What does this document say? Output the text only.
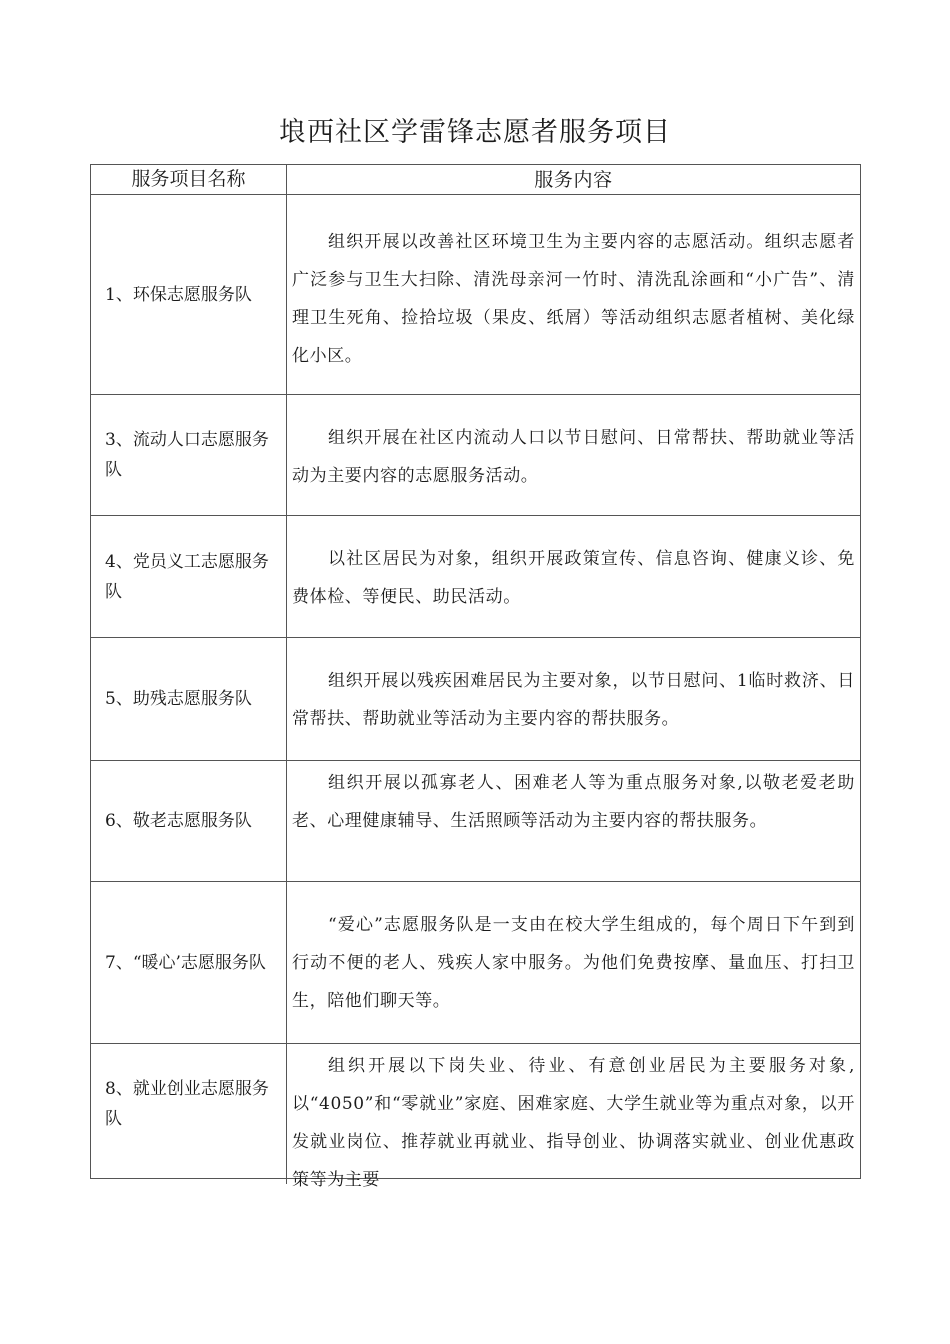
埌西社区学雷锋志愿者服务项目
服务项目名称	服务内容
1、环保志愿服务队
组织开展以改善社区环境卫生为主要内容的志愿活动。组织志愿者广泛参与卫生大扫除、清洗母亲河一竹时、清洗乱涂画和“小广告”、清理卫生死角、捡拾垃圾（果皮、纸屑）等活动组织志愿者植树、美化绿化小区。
3、流动人口志愿服务队
组织开展在社区内流动人口以节日慰问、日常帮扶、帮助就业等活动为主要内容的志愿服务活动。
4、党员义工志愿服务队
以社区居民为对象，组织开展政策宣传、信息咨询、健康义诊、免费体检、等便民、助民活动。
5、助残志愿服务队
组织开展以残疾困难居民为主要对象，以节日慰问、1临时救济、日常帮扶、帮助就业等活动为主要内容的帮扶服务。
6、敬老志愿服务队
组织开展以孤寡老人、困难老人等为重点服务对象,以敬老爱老助老、心理健康辅导、生活照顾等活动为主要内容的帮扶服务。
7、“暖心’志愿服务队
“爱心”志愿服务队是一支由在校大学生组成的，每个周日下午到到行动不便的老人、残疾人家中服务。为他们免费按摩、量血压、打扫卫生，陪他们聊天等。
8、就业创业志愿服务队
组织开展以下岗失业、待业、有意创业居民为主要服务对象,以“4050”和“零就业”家庭、困难家庭、大学生就业等为重点对象，以开发就业岗位、推荐就业再就业、指导创业、协调落实就业、创业优惠政策等为主要
